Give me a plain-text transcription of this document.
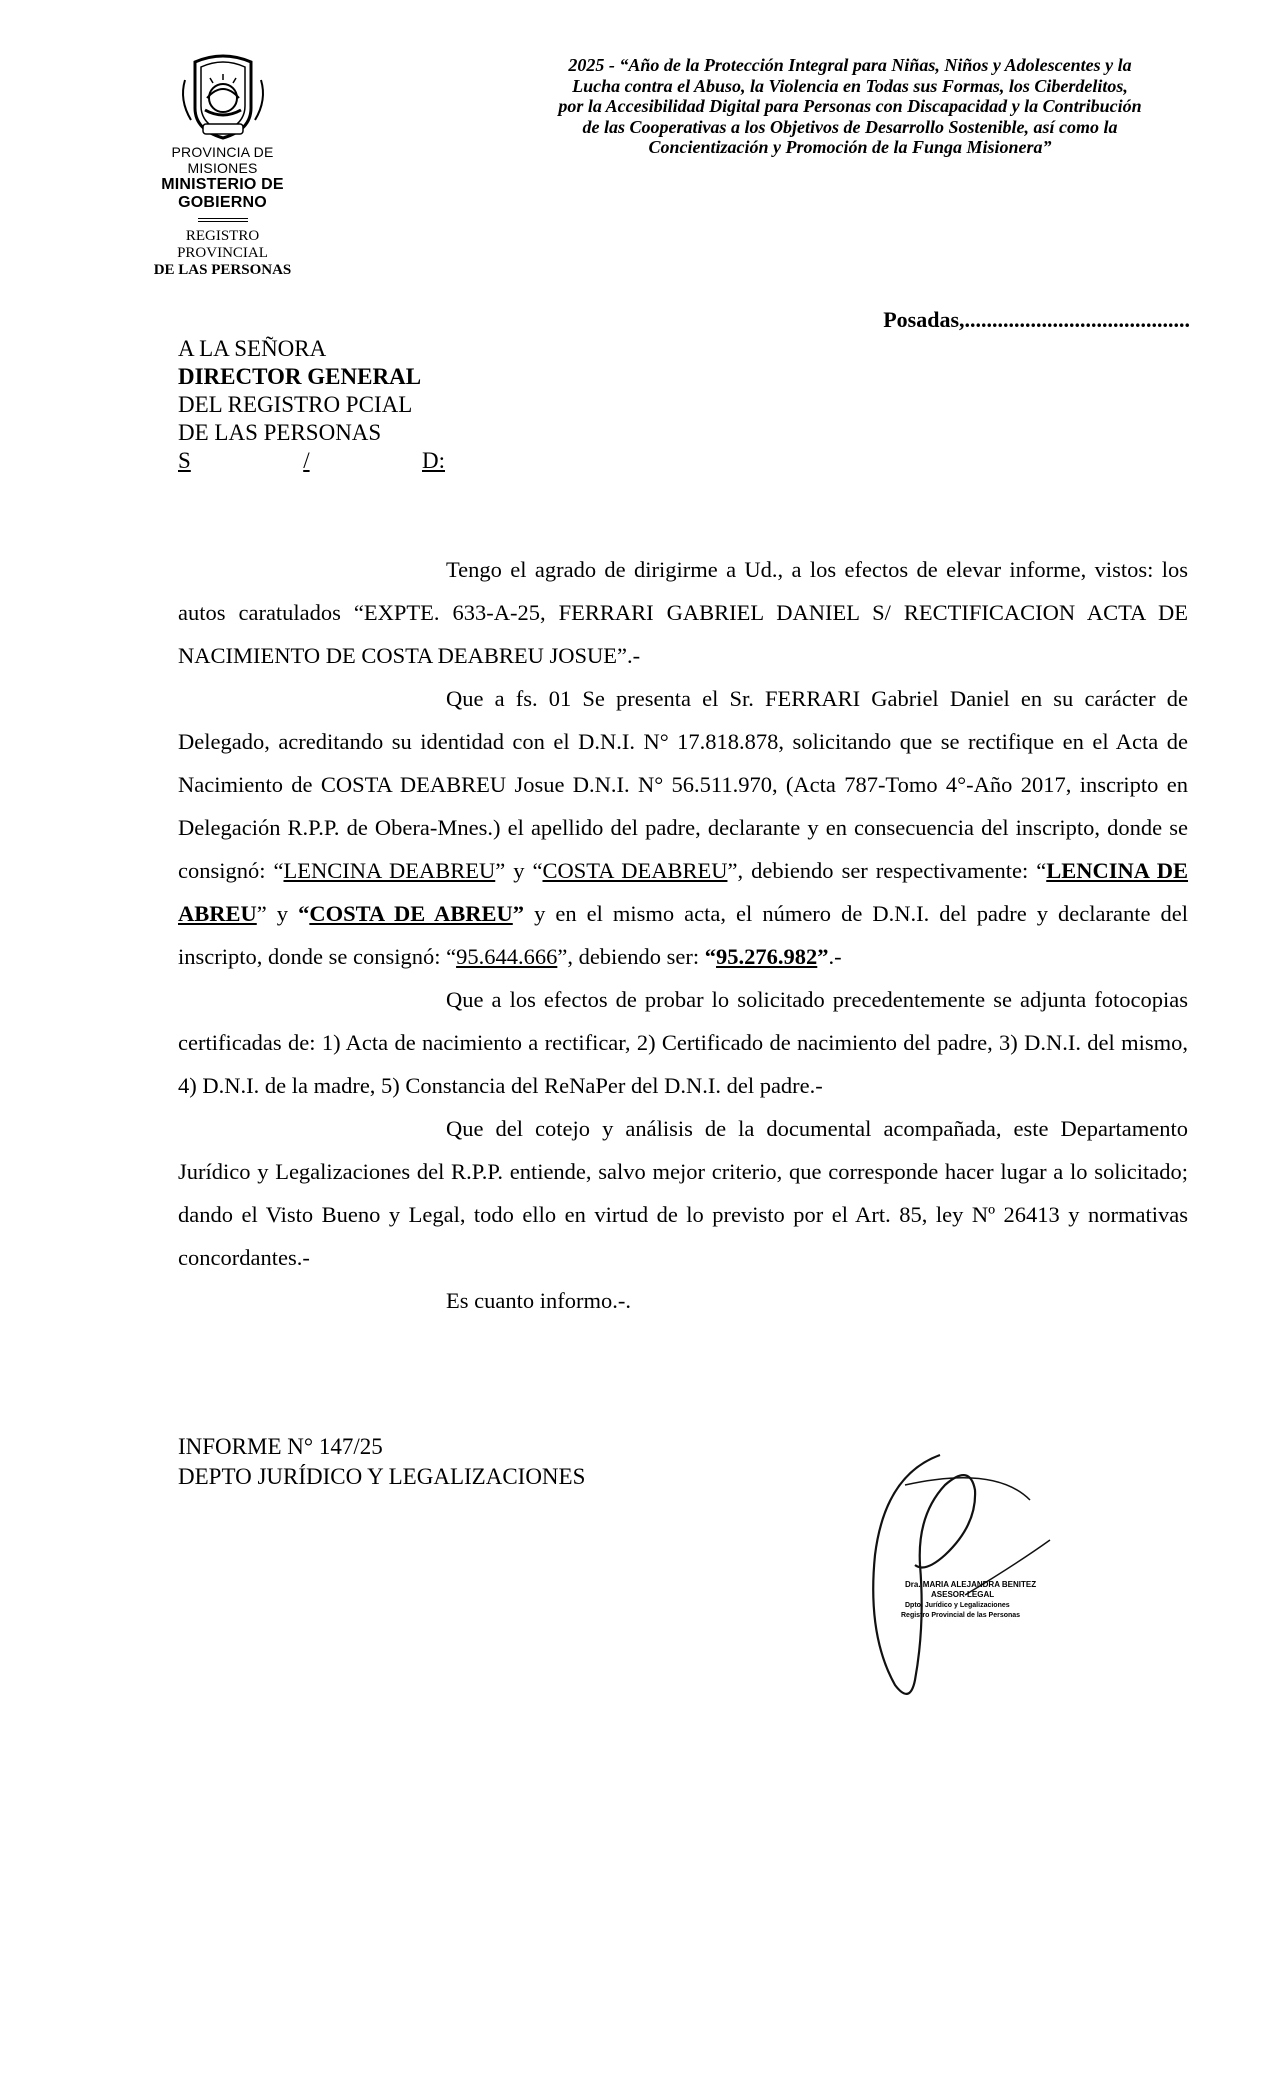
PROVINCIA DE MISIONES
MINISTERIO DE GOBIERNO
REGISTRO PROVINCIAL
DE LAS PERSONAS
2025 - “Año de la Protección Integral para Niñas, Niños y Adolescentes y la
Lucha contra el Abuso, la Violencia en Todas sus Formas, los Ciberdelitos,
por la Accesibilidad Digital para Personas con Discapacidad y la Contribución
de las Cooperativas a los Objetivos de Desarrollo Sostenible, así como la
Concientización y Promoción de la Funga Misionera”
Posadas,.........................................
A LA SEÑORA
DIRECTOR GENERAL
DEL REGISTRO PCIAL
DE LAS PERSONAS
S	/	D:

Tengo el agrado de dirigirme a Ud., a los efectos de elevar informe, vistos: los autos caratulados “EXPTE. 633-A-25, FERRARI GABRIEL DANIEL S/ RECTIFICACION ACTA DE NACIMIENTO DE COSTA DEABREU JOSUE”.-

Que a fs. 01 Se presenta el Sr. FERRARI Gabriel Daniel en su carácter de Delegado, acreditando su identidad con el D.N.I. N° 17.818.878, solicitando que se rectifique en el Acta de Nacimiento de COSTA DEABREU Josue D.N.I. N° 56.511.970, (Acta 787-Tomo 4°-Año 2017, inscripto en Delegación R.P.P. de Obera-Mnes.) el apellido del padre, declarante y en consecuencia del inscripto, donde se consignó: “LENCINA DEABREU” y “COSTA DEABREU”, debiendo ser respectivamente: “LENCINA DE ABREU” y “COSTA DE ABREU” y en el mismo acta, el número de D.N.I. del padre y declarante del inscripto, donde se consignó: “95.644.666”, debiendo ser: “95.276.982”.-

Que a los efectos de probar lo solicitado precedentemente se adjunta fotocopias certificadas de: 1) Acta de nacimiento a rectificar, 2) Certificado de nacimiento del padre, 3) D.N.I. del mismo, 4) D.N.I. de la madre, 5) Constancia del ReNaPer del D.N.I. del padre.-

Que del cotejo y análisis de la documental acompañada, este Departamento Jurídico y Legalizaciones del R.P.P. entiende, salvo mejor criterio, que corresponde hacer lugar a lo solicitado; dando el Visto Bueno y Legal, todo ello en virtud de lo previsto por el Art. 85, ley Nº 26413 y normativas concordantes.-

Es cuanto informo.-.

INFORME N° 147/25
DEPTO JURÍDICO Y LEGALIZACIONES
Dra. MARIA ALEJANDRA BENITEZ
ASESOR LEGAL
Dpto. Jurídico y Legalizaciones
Registro Provincial de las Personas
